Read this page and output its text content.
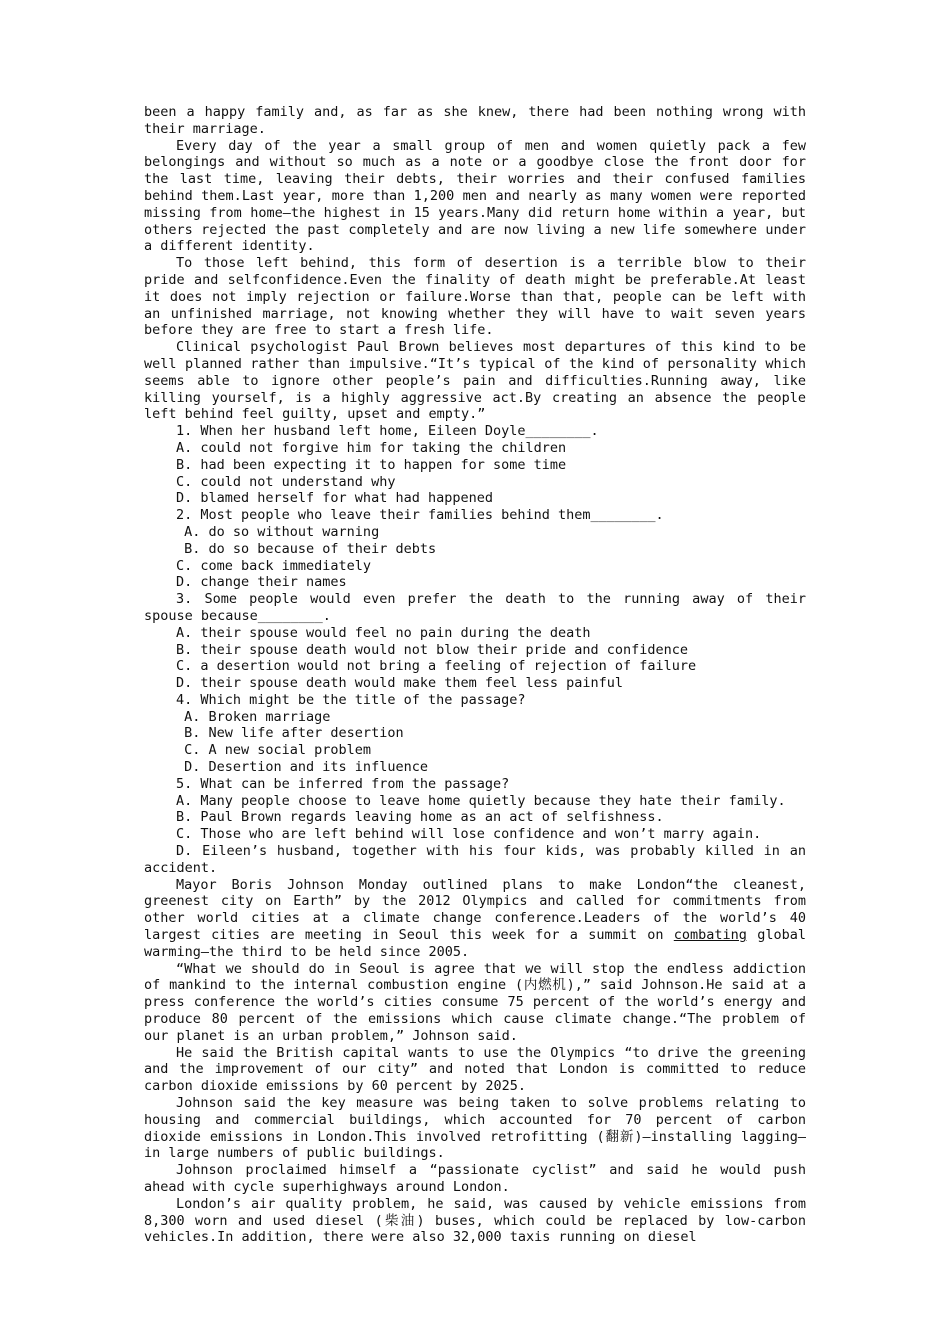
been a happy family and, as far as she knew, there had been nothing wrong with their marriage.

Every day of the year a small group of men and women quietly pack a few belongings and without so much as a note or a goodbye close the front door for the last time, leaving their debts, their worries and their confused families behind them.Last year, more than 1,200 men and nearly as many women were reported missing from home—the highest in 15 years.Many did return home within a year, but others rejected the past completely and are now living a new life somewhere under a different identity.

To those left behind, this form of desertion is a terrible blow to their pride and selfconfidence.Even the finality of death might be preferable.At least it does not imply rejection or failure.Worse than that, people can be left with an unfinished marriage, not knowing whether they will have to wait seven years before they are free to start a fresh life.

Clinical psychologist Paul Brown believes most departures of this kind to be well planned rather than impulsive.“It’s typical of the kind of personality which seems able to ignore other people’s pain and difficulties.Running away, like killing yourself, is a highly aggressive act.By creating an absence the people left behind feel guilty, upset and empty.”

1. When her husband left home, Eileen Doyle________.

A. could not forgive him for taking the children

B. had been expecting it to happen for some time

C. could not understand why

D. blamed herself for what had happened

2. Most people who leave their families behind them________.

A. do so without warning

B. do so because of their debts

C. come back immediately

D. change their names

3. Some people would even prefer the death to the running away of their spouse because________.

A. their spouse would feel no pain during the death

B. their spouse death would not blow their pride and confidence

C. a desertion would not bring a feeling of rejection of failure

D. their spouse death would make them feel less painful

4. Which might be the title of the passage?

A. Broken marriage

B. New life after desertion

C. A new social problem

D. Desertion and its influence

5. What can be inferred from the passage?

A. Many people choose to leave home quietly because they hate their family.

B. Paul Brown regards leaving home as an act of selfishness.

C. Those who are left behind will lose confidence and won’t marry again.

D. Eileen’s husband, together with his four kids, was probably killed in an accident.

Mayor Boris Johnson Monday outlined plans to make London“the cleanest, greenest city on Earth” by the 2012 Olympics and called for commitments from other world cities at a climate change conference.Leaders of the world’s 40 largest cities are meeting in Seoul this week for a summit on combating global warming—the third to be held since 2005.

“What we should do in Seoul is agree that we will stop the endless addiction of mankind to the internal combustion engine (内燃机),” said Johnson.He said at a press conference the world’s cities consume 75 percent of the world’s energy and produce 80 percent of the emissions which cause climate change.“The problem of our planet is an urban problem,” Johnson said.

He said the British capital wants to use the Olympics “to drive the greening and the improvement of our city” and noted that London is committed to reduce carbon dioxide emissions by 60 percent by 2025.

Johnson said the key measure was being taken to solve problems relating to housing and commercial buildings, which accounted for 70 percent of carbon dioxide emissions in London.This involved retrofitting (翻新)—installing lagging—in large numbers of public buildings.

Johnson proclaimed himself a “passionate cyclist” and said he would push ahead with cycle superhighways around London.

London’s air quality problem, he said, was caused by vehicle emissions from 8,300 worn and used diesel (柴油) buses, which could be replaced by low-carbon vehicles.In addition, there were also 32,000 taxis running on diesel
